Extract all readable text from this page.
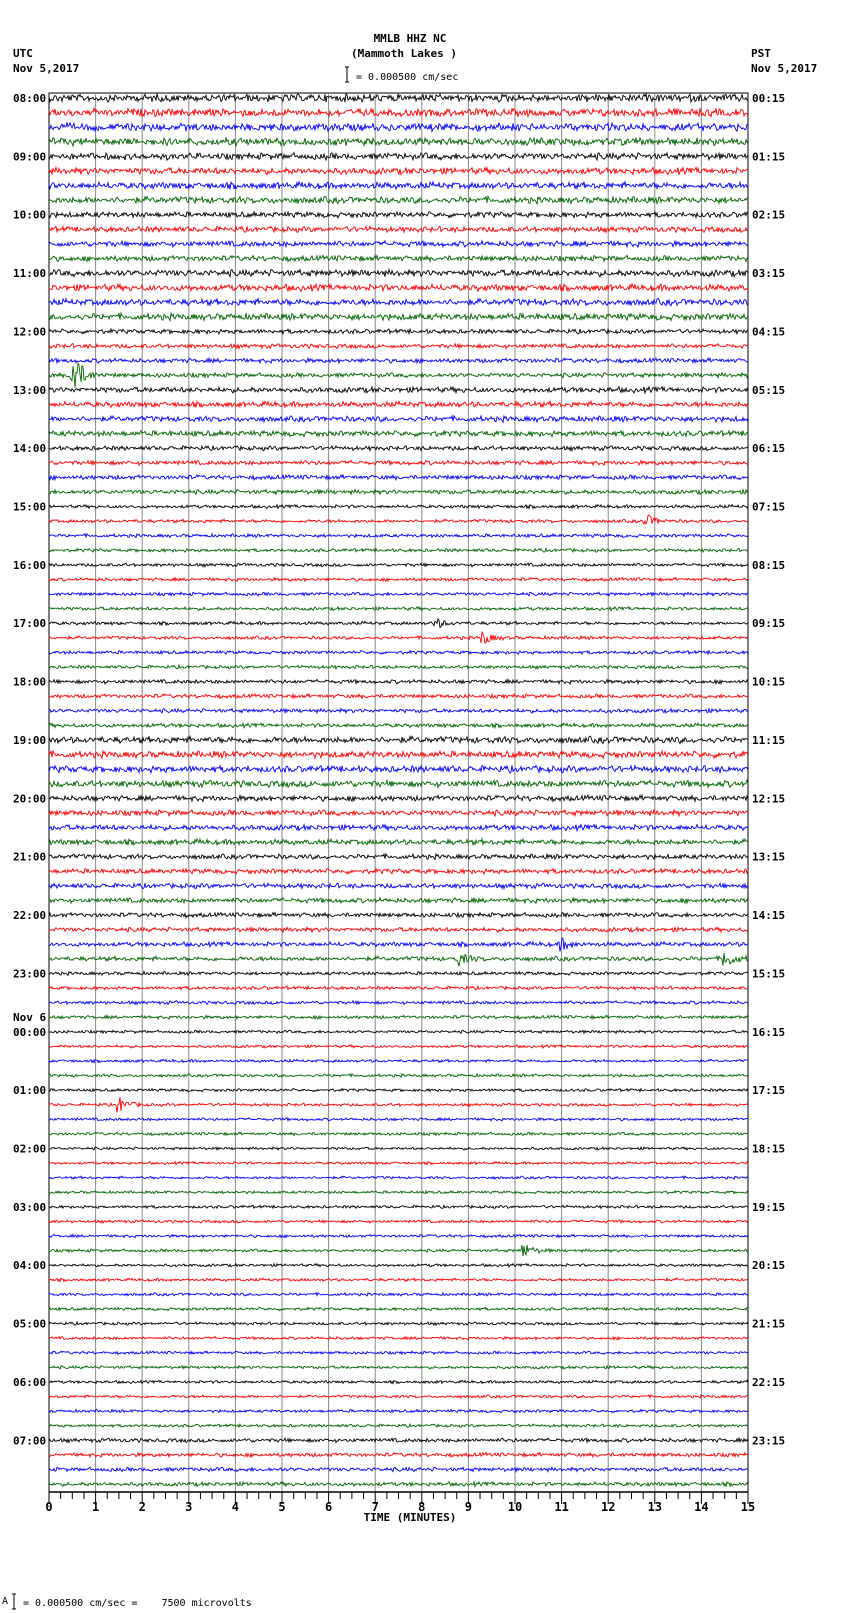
MMLB HHZ NC
(Mammoth Lakes )
UTC
Nov 5,2017
PST
Nov 5,2017
= 0.000500 cm/sec
08:00
09:00
10:00
11:00
12:00
13:00
14:00
15:00
16:00
17:00
18:00
19:00
20:00
21:00
22:00
23:00
00:00
01:00
02:00
03:00
04:00
05:00
06:00
07:00
Nov 6
00:15
01:15
02:15
03:15
04:15
05:15
06:15
07:15
08:15
09:15
10:15
11:15
12:15
13:15
14:15
15:15
16:15
17:15
18:15
19:15
20:15
21:15
22:15
23:15
0	1	2	3	4	5	6	7	8	9	10	11	12	13	14	15
TIME (MINUTES)
A = 0.000500 cm/sec =    7500 microvolts
